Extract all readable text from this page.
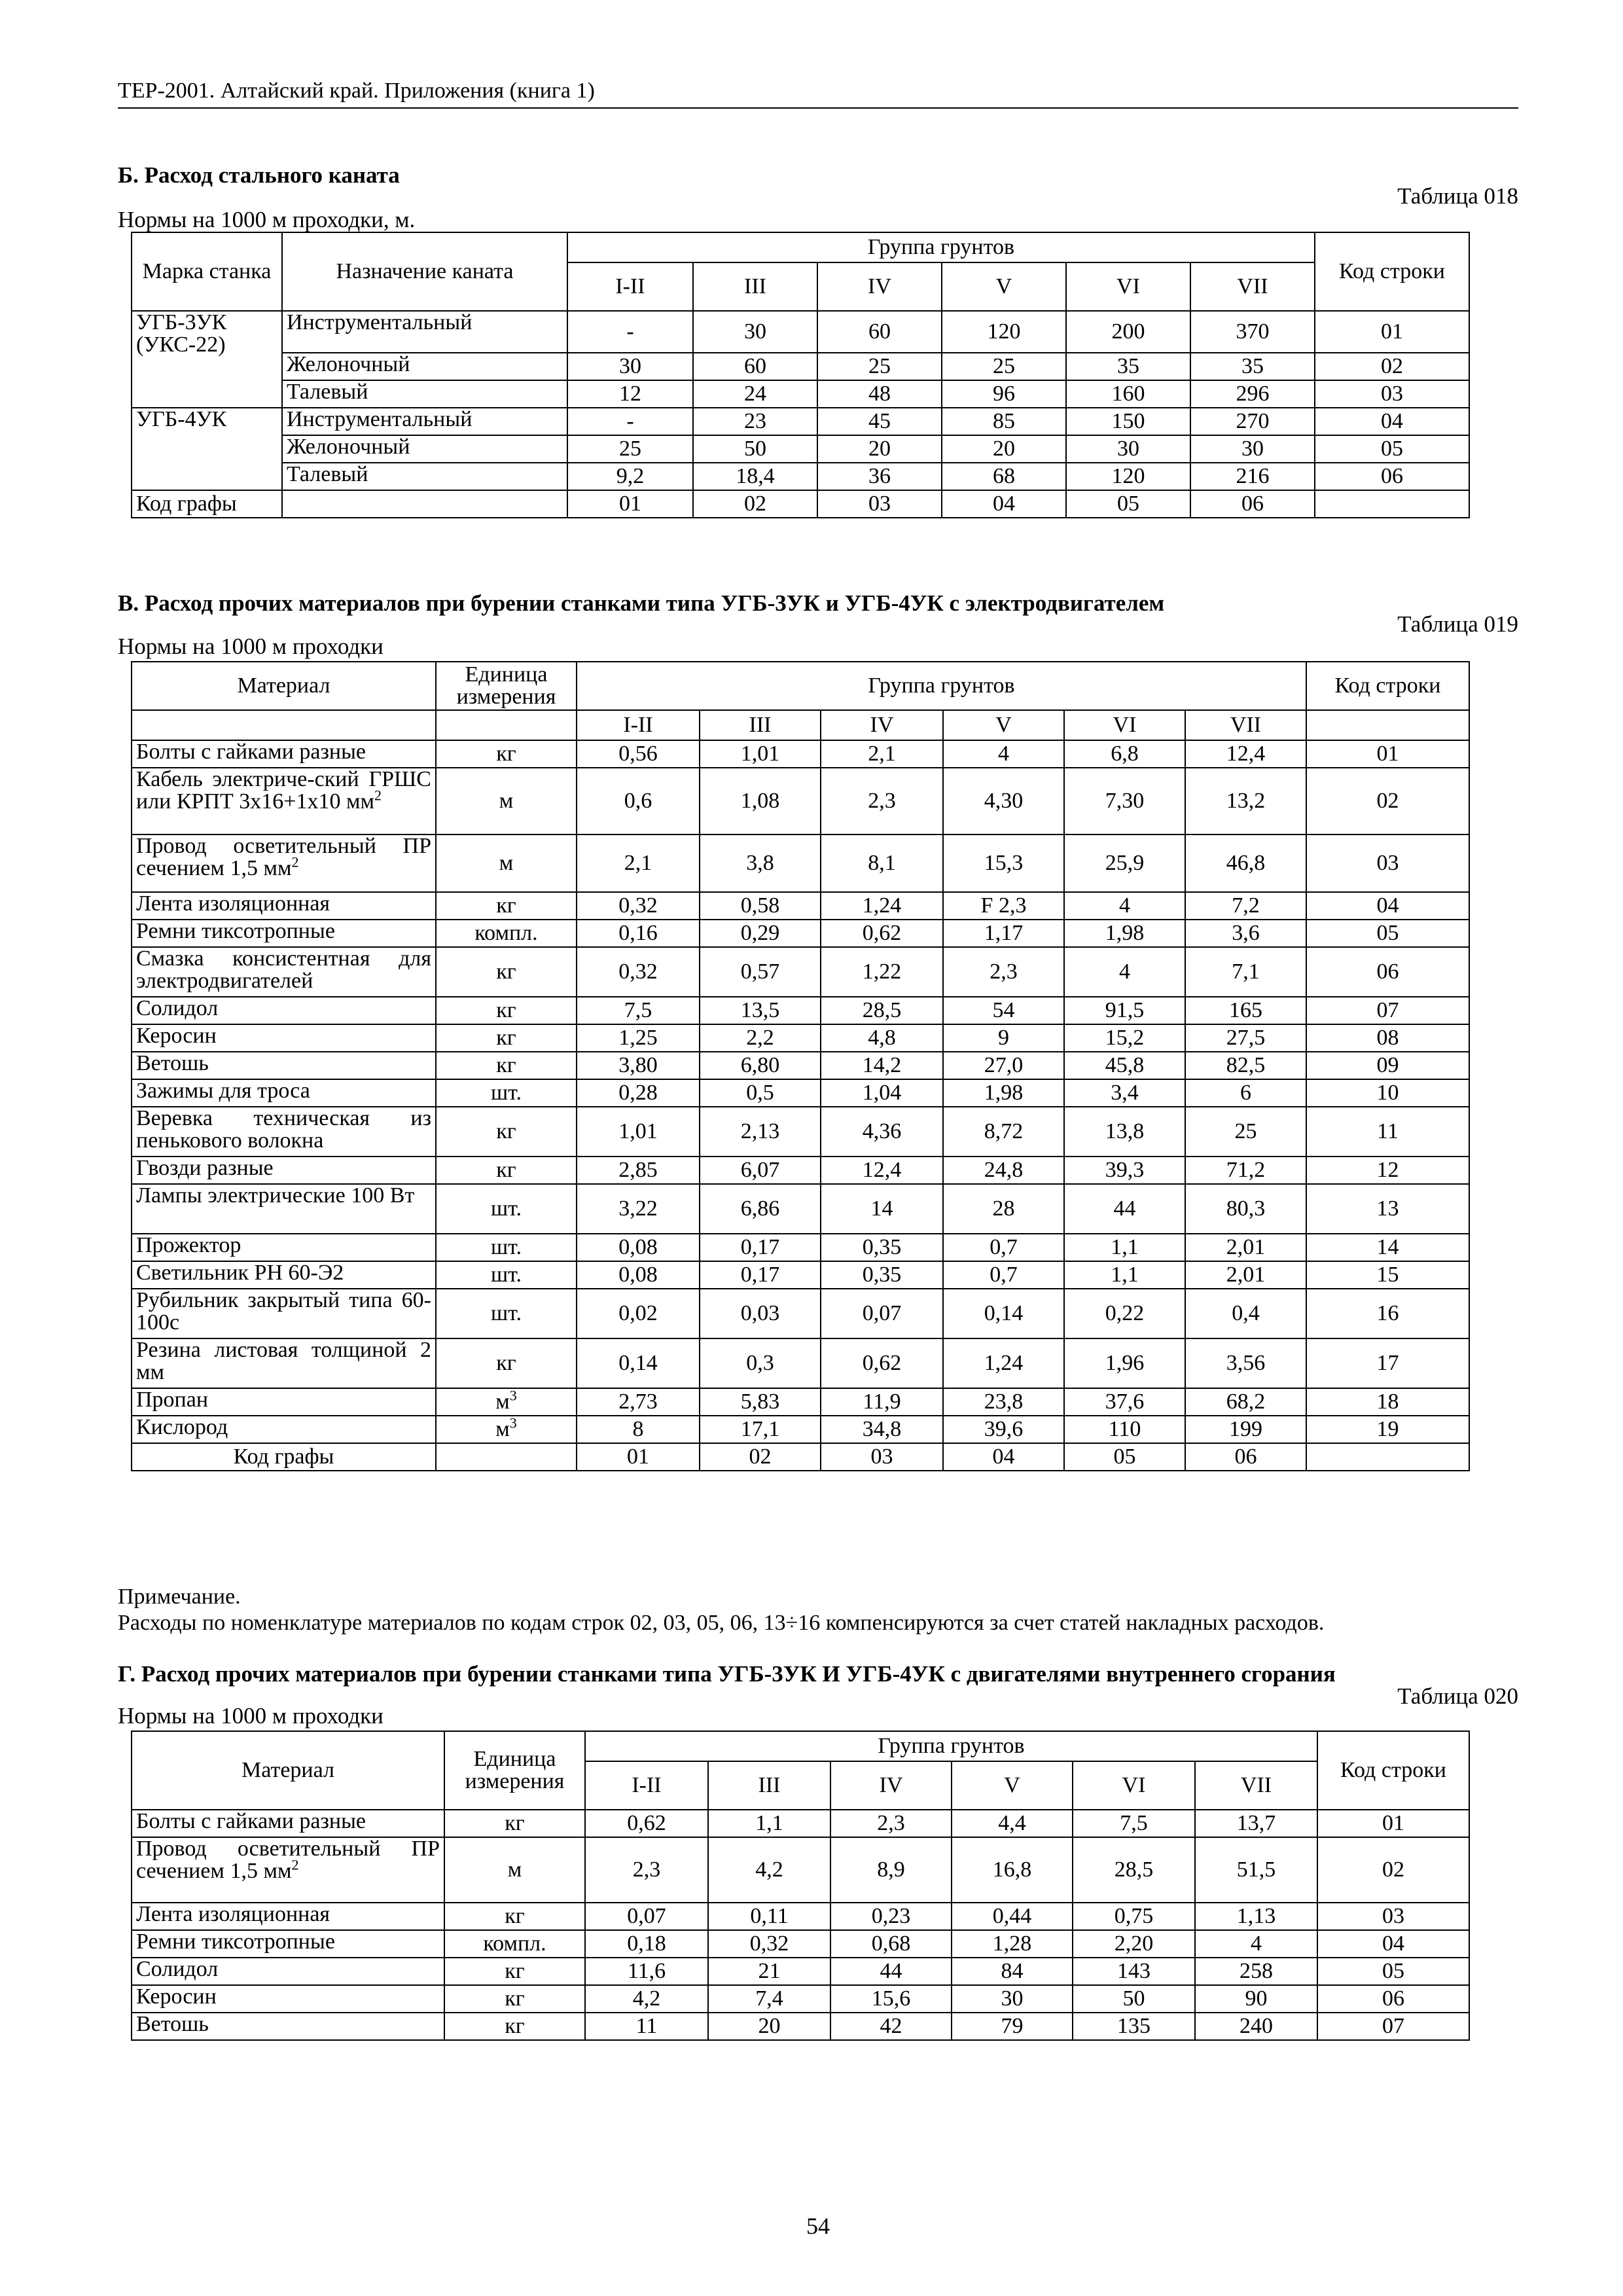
ТЕР-2001. Алтайский край. Приложения (книга 1)
Б. Расход стального каната
Таблица 018
Нормы на 1000 м проходки, м.
Марка станка	Назначение каната	Группа грунтов						Код строки
		I-II	III	IV	V	VI	VII	
УГБ-3УК (УКС-22)	Инструментальный	-	30	60	120	200	370	01
	Желоночный	30	60	25	25	35	35	02
	Талевый	12	24	48	96	160	296	03
УГБ-4УК	Инструментальный	-	23	45	85	150	270	04
	Желоночный	25	50	20	20	30	30	05
	Талевый	9,2	18,4	36	68	120	216	06
Код графы		01	02	03	04	05	06	
В. Расход прочих материалов при бурении станками типа УГБ-3УК и УГБ-4УК с электродвигателем
Таблица 019
Нормы на 1000 м проходки
Материал	Единица измерения	Группа грунтов						Код строки
		I-II	III	IV	V	VI	VII	
Болты с гайками разные	кг	0,56	1,01	2,1	4	6,8	12,4	01
Кабель электриче-ский ГРШС или КРПТ 3х16+1х10 $мм^2$	м	0,6	1,08	2,3	4,30	7,30	13,2	02
Провод осветительный ПР сечением 1,5 $мм^2$	м	2,1	3,8	8,1	15,3	25,9	46,8	03
Лента изоляционная	кг	0,32	0,58	1,24	F 2,3	4	7,2	04
Ремни тиксотропные	компл.	0,16	0,29	0,62	1,17	1,98	3,6	05
Смазка консистентная для электродвигателей	кг	0,32	0,57	1,22	2,3	4	7,1	06
Солидол	кг	7,5	13,5	28,5	54	91,5	165	07
Керосин	кг	1,25	2,2	4,8	9	15,2	27,5	08
Ветошь	кг	3,80	6,80	14,2	27,0	45,8	82,5	09
Зажимы для троса	шт.	0,28	0,5	1,04	1,98	3,4	6	10
Веревка техническая из пенькового волокна	кг	1,01	2,13	4,36	8,72	13,8	25	11
Гвозди разные	кг	2,85	6,07	12,4	24,8	39,3	71,2	12
Лампы электрические 100 Вт	шт.	3,22	6,86	14	28	44	80,3	13
Прожектор	шт.	0,08	0,17	0,35	0,7	1,1	2,01	14
Светильник РН 60-Э2	шт.	0,08	0,17	0,35	0,7	1,1	2,01	15
Рубильник закрытый типа 60-100с	шт.	0,02	0,03	0,07	0,14	0,22	0,4	16
Резина листовая толщиной 2 мм	кг	0,14	0,3	0,62	1,24	1,96	3,56	17
Пропан	$м^3$	2,73	5,83	11,9	23,8	37,6	68,2	18
Кислород	$м^3$	8	17,1	34,8	39,6	110	199	19
Код графы		01	02	03	04	05	06	
Примечание.
Расходы по номенклатуре материалов по кодам строк 02, 03, 05, 06, 13÷16 компенсируются за счет статей накладных расходов.
Г. Расход прочих материалов при бурении станками типа УГБ-3УК И УГБ-4УК с двигателями внутреннего сгорания
Таблица 020
Нормы на 1000 м проходки
Материал	Единица измерения	Группа грунтов						Код строки
		I-II	III	IV	V	VI	VII	
Болты с гайками разные	кг	0,62	1,1	2,3	4,4	7,5	13,7	01
Провод осветительный ПР сечением 1,5 $мм^2$	м	2,3	4,2	8,9	16,8	28,5	51,5	02
Лента изоляционная	кг	0,07	0,11	0,23	0,44	0,75	1,13	03
Ремни тиксотропные	компл.	0,18	0,32	0,68	1,28	2,20	4	04
Солидол	кг	11,6	21	44	84	143	258	05
Керосин	кг	4,2	7,4	15,6	30	50	90	06
Ветошь	кг	11	20	42	79	135	240	07
54
